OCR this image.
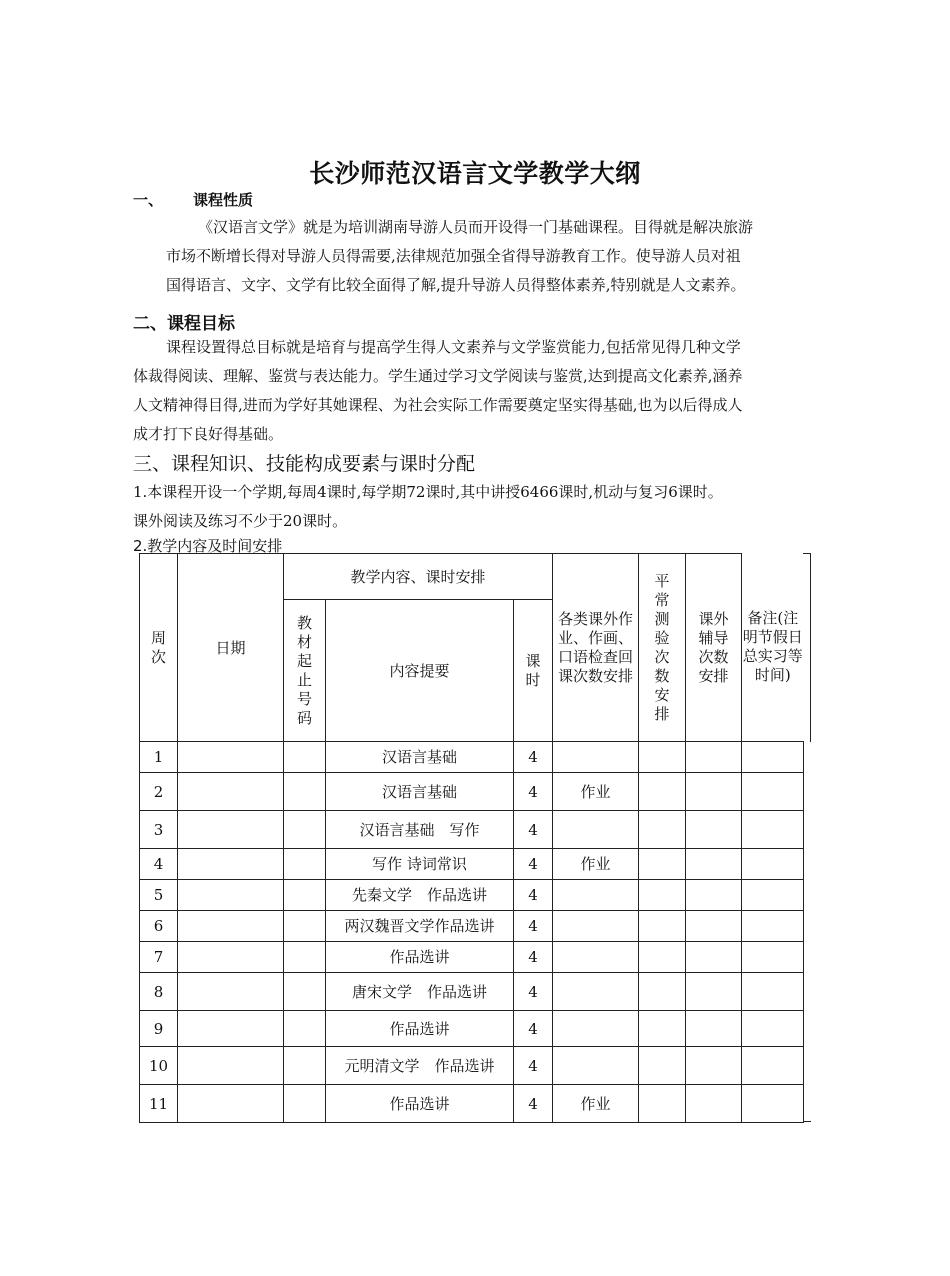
长沙师范汉语言文学教学大纲
一、 课程性质

《汉语言文学》就是为培训湖南导游人员而开设得一门基础课程。目得就是解决旅游

市场不断增长得对导游人员得需要,法律规范加强全省得导游教育工作。使导游人员对祖

国得语言、文字、文学有比较全面得了解,提升导游人员得整体素养,特别就是人文素养。

二、课程目标

课程设置得总目标就是培育与提高学生得人文素养与文学鉴赏能力,包括常见得几种文学

体裁得阅读、理解、鉴赏与表达能力。学生通过学习文学阅读与鉴赏,达到提高文化素养,涵养

人文精神得目得,进而为学好其她课程、为社会实际工作需要奠定坚实得基础,也为以后得成人

成才打下良好得基础。

三、课程知识、技能构成要素与课时分配

1.本课程开设一个学期,每周4课时,每学期72课时,其中讲授6466课时,机动与复习6课时。

课外阅读及练习不少于20课时。

2.教学内容及时间安排
周次	日期	教学内容、课时安排			各类课外作业、作画、口语检查回课次数安排	平常测验次数安排	课外辅导次数安排	备注(注明节假日总实习等时间)

		教材起止号码	内容提要	课时				

1			汉语言基础	4				
2			汉语言基础	4	作业			
3			汉语言基础　写作	4				
4			写作 诗词常识	4	作业			
5			先秦文学　作品选讲	4				
6			两汉魏晋文学作品选讲	4				
7			作品选讲	4				
8			唐宋文学　作品选讲	4				
9			作品选讲	4				
10			元明清文学　作品选讲	4				
11			作品选讲	4	作业			
